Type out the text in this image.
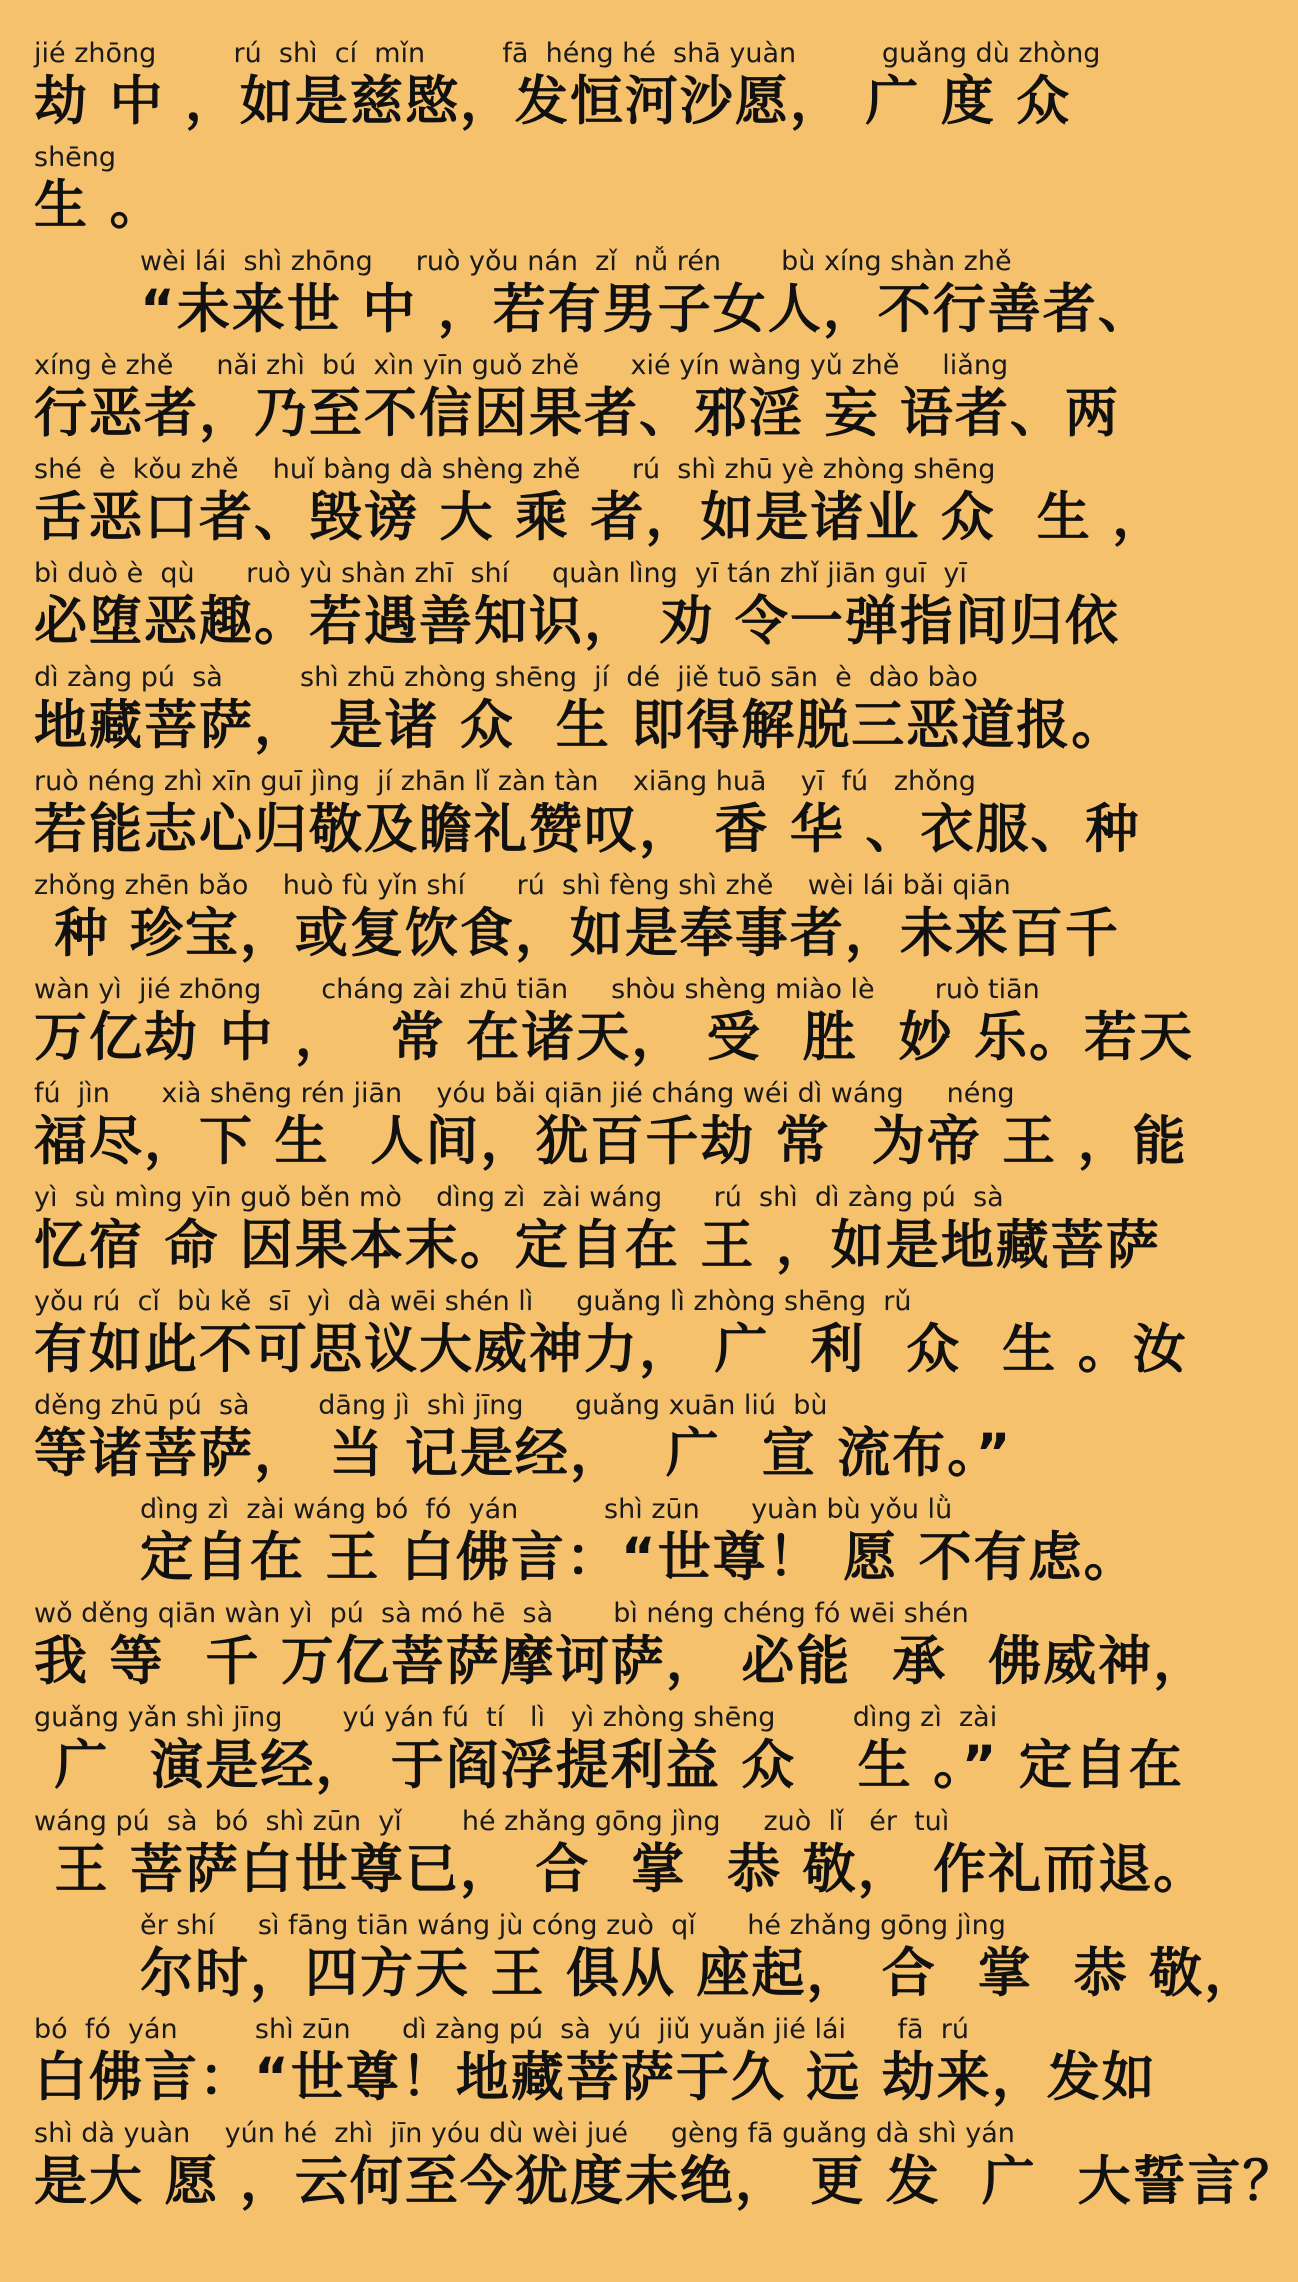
jié zhōng         rú  shì  cí  mǐn         fā  héng hé  shā yuàn          guǎng dù zhòng
劫 中 ，如是慈愍，发恒河沙愿， 广 度 众
shēng
生 。
wèi lái  shì zhōng     ruò yǒu nán  zǐ  nǚ rén       bù xíng shàn zhě
“未来世 中 ，若有男子女人，不行善者、
xíng è zhě     nǎi zhì  bú  xìn yīn guǒ zhě      xié yín wàng yǔ zhě     liǎng
行恶者，乃至不信因果者、邪淫 妄 语者、两
shé  è  kǒu zhě    huǐ bàng dà shèng zhě      rú  shì zhū yè zhòng shēng
舌恶口者、毁谤 大 乘 者，如是诸业 众  生 ，
bì duò è  qù      ruò yù shàn zhī  shí     quàn lìng  yī tán zhǐ jiān guī  yī
必堕恶趣。若遇善知识， 劝 令一弹指间归依
dì zàng pú  sà         shì zhū zhòng shēng  jí  dé  jiě tuō sān  è  dào bào
地藏菩萨， 是诸 众  生 即得解脱三恶道报。
ruò néng zhì xīn guī jìng  jí zhān lǐ zàn tàn    xiāng huā    yī  fú   zhǒng
若能志心归敬及瞻礼赞叹， 香 华 、衣服、种
zhǒng zhēn bǎo    huò fù yǐn shí      rú  shì fèng shì zhě    wèi lái bǎi qiān
种 珍宝，或复饮食，如是奉事者，未来百千
wàn yì  jié zhōng       cháng zài zhū tiān     shòu shèng miào lè       ruò tiān
万亿劫 中 ，  常 在诸天， 受  胜  妙 乐。若天
fú  jìn      xià shēng rén jiān    yóu bǎi qiān jié cháng wéi dì wáng     néng
福尽，下 生  人间，犹百千劫 常  为帝 王 ，能
yì  sù mìng yīn guǒ běn mò    dìng zì  zài wáng      rú  shì  dì zàng pú  sà
忆宿 命 因果本末。定自在 王 ，如是地藏菩萨
yǒu rú  cǐ  bù kě  sī  yì  dà wēi shén lì     guǎng lì zhòng shēng  rǔ
有如此不可思议大威神力， 广  利  众  生 。汝
děng zhū pú  sà        dāng jì  shì jīng      guǎng xuān liú  bù
等诸菩萨， 当 记是经，  广  宣 流布。”
dìng zì  zài wáng bó  fó  yán          shì zūn      yuàn bù yǒu lǜ
定自在 王 白佛言：“世尊！ 愿 不有虑。
wǒ děng qiān wàn yì  pú  sà mó hē  sà       bì néng chéng fó wēi shén
我 等  千 万亿菩萨摩诃萨， 必能  承  佛威神，
guǎng yǎn shì jīng       yú yán fú  tí   lì   yì zhòng shēng         dìng zì  zài
广  演是经， 于阎浮提利益 众   生 。” 定自在
wáng pú  sà  bó  shì zūn  yǐ       hé zhǎng gōng jìng     zuò  lǐ   ér  tuì
王 菩萨白世尊已， 合  掌  恭 敬， 作礼而退。
ěr shí     sì fāng tiān wáng jù cóng zuò  qǐ      hé zhǎng gōng jìng
尔时，四方天 王 俱从 座起， 合  掌  恭 敬，
bó  fó  yán         shì zūn      dì zàng pú  sà  yú  jiǔ yuǎn jié lái      fā  rú
白佛言：“世尊！地藏菩萨于久 远 劫来，发如
shì dà yuàn    yún hé  zhì  jīn yóu dù wèi jué     gèng fā guǎng dà shì yán
是大 愿 ，云何至今犹度未绝， 更 发  广  大誓言？
